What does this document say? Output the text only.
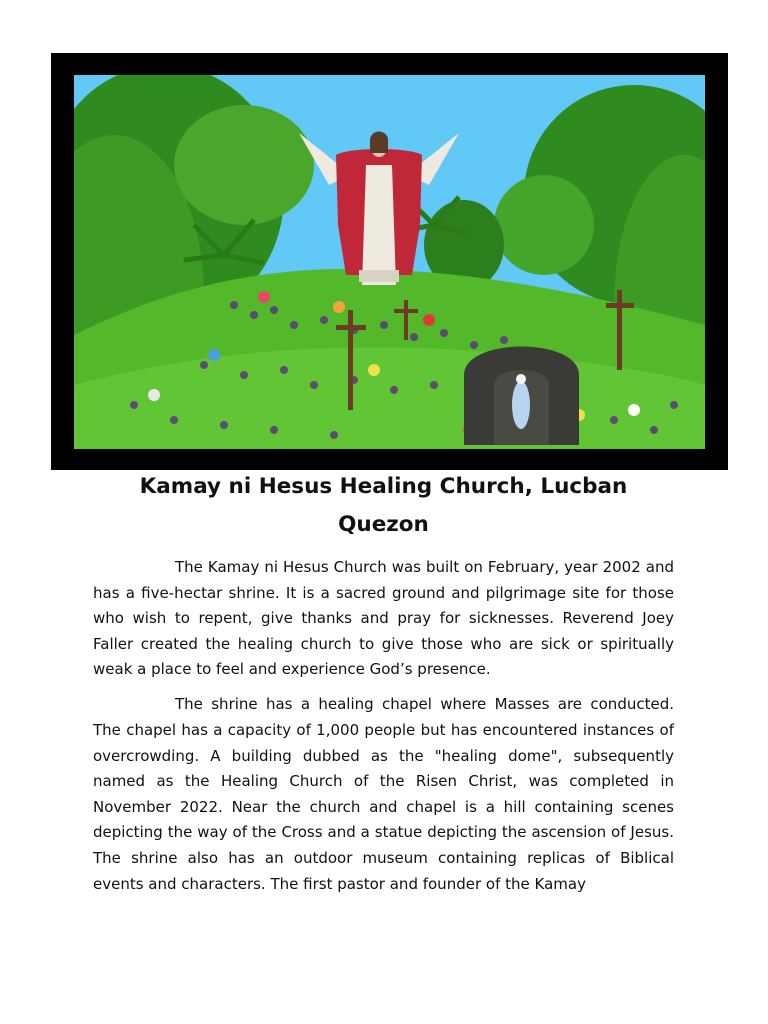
Kamay ni Hesus Healing Church, Lucban Quezon

The Kamay ni Hesus Church was built on February, year 2002 and has a five-hectar shrine. It is a sacred ground and pilgrimage site for those who wish to repent, give thanks and pray for sicknesses. Reverend Joey Faller created the healing church to give those who are sick or spiritually weak a place to feel and experience God’s presence.

The shrine has a healing chapel where Masses are conducted. The chapel has a capacity of 1,000 people but has encountered instances of overcrowding. A building dubbed as the "healing dome", subsequently named as the Healing Church of the Risen Christ, was completed in November 2022. Near the church and chapel is a hill containing scenes depicting the way of the Cross and a statue depicting the ascension of Jesus. The shrine also has an outdoor museum containing replicas of Biblical events and characters. The first pastor and founder of the Kamay
